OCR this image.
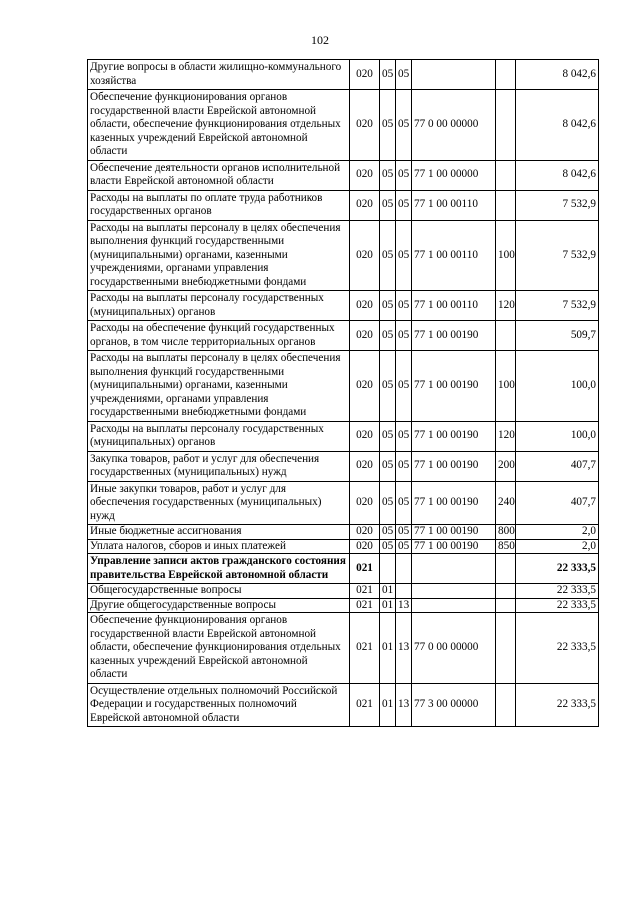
102
Другие вопросы в области жилищно-коммунального хозяйства	020	05	05			8 042,6
Обеспечение функционирования органов государственной власти Еврейской автономной области, обеспечение функционирования отдельных казенных учреждений Еврейской автономной области	020	05	05	77 0 00 00000		8 042,6
Обеспечение деятельности органов исполнительной власти Еврейской автономной области	020	05	05	77 1 00 00000		8 042,6
Расходы на выплаты по оплате труда работников государственных органов	020	05	05	77 1 00 00110		7 532,9
Расходы на выплаты персоналу в целях обеспечения выполнения функций государственными (муниципальными) органами, казенными учреждениями, органами управления государственными внебюджетными фондами	020	05	05	77 1 00 00110	100	7 532,9
Расходы на выплаты персоналу государственных (муниципальных) органов	020	05	05	77 1 00 00110	120	7 532,9
Расходы на обеспечение функций государственных органов, в том числе территориальных органов	020	05	05	77 1 00 00190		509,7
Расходы на выплаты персоналу в целях обеспечения выполнения функций государственными (муниципальными) органами, казенными учреждениями, органами управления государственными внебюджетными фондами	020	05	05	77 1 00 00190	100	100,0
Расходы на выплаты персоналу государственных (муниципальных) органов	020	05	05	77 1 00 00190	120	100,0
Закупка товаров, работ и услуг для обеспечения государственных (муниципальных) нужд	020	05	05	77 1 00 00190	200	407,7
Иные закупки товаров, работ и услуг для обеспечения государственных (муниципальных) нужд	020	05	05	77 1 00 00190	240	407,7
Иные бюджетные ассигнования	020	05	05	77 1 00 00190	800	2,0
Уплата налогов, сборов и иных платежей	020	05	05	77 1 00 00190	850	2,0
Управление записи актов гражданского состояния правительства Еврейской автономной области	021					22 333,5
Общегосударственные вопросы	021	01				22 333,5
Другие общегосударственные вопросы	021	01	13			22 333,5
Обеспечение функционирования органов государственной власти Еврейской автономной области, обеспечение функционирования отдельных казенных учреждений Еврейской автономной области	021	01	13	77 0 00 00000		22 333,5
Осуществление отдельных полномочий Российской Федерации и государственных полномочий Еврейской автономной области	021	01	13	77 3 00 00000		22 333,5
